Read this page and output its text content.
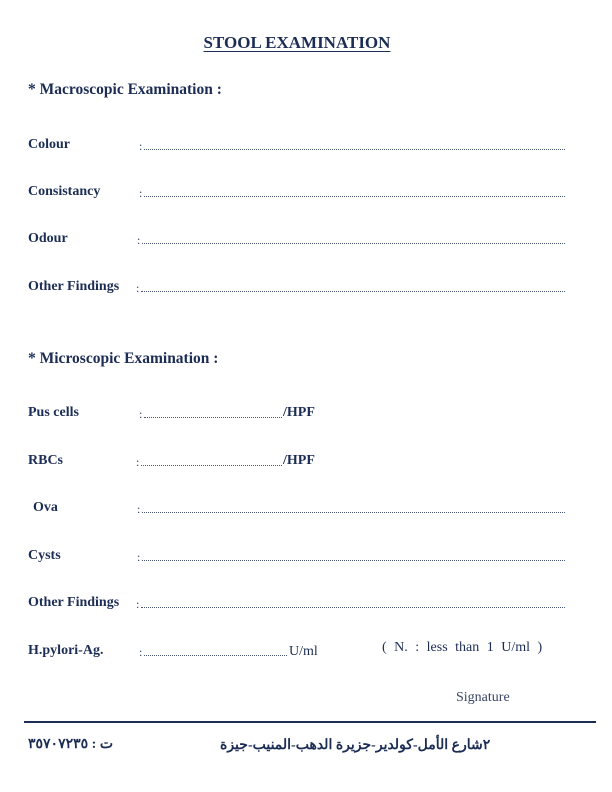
STOOL EXAMINATION
* Macroscopic Examination :
Colour	:
Consistancy	:
Odour	:
Other Findings :
* Microscopic Examination :
Pus cells	:	/HPF
RBCs	:	/HPF
Ova	:
Cysts	:
Other Findings :
H.pylori-Ag.	:	U/ml	( N. : less than 1 U/ml )
Signature
ت : ٣٥٧٠٧٢٣٥	٢شارع الأمل-كولدير-جزيرة الدهب-المنيب-جيزة
